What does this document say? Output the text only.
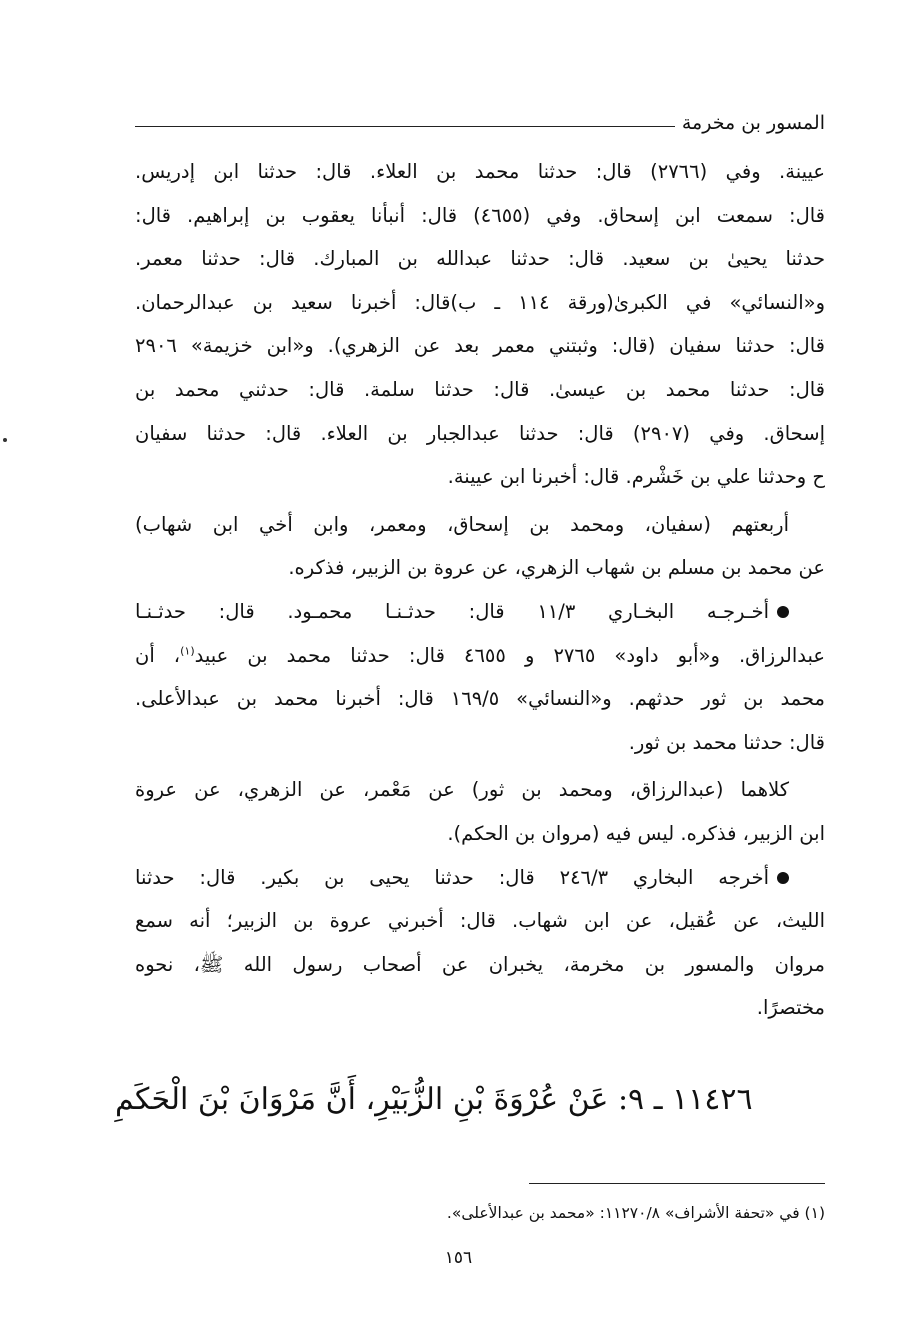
المسور بن مخرمة
عيينة. وفي (٢٧٦٦) قال: حدثنا محمد بن العلاء. قال: حدثنا ابن إدريس.
قال: سمعت ابن إسحاق. وفي (٤٦٥٥) قال: أنبأنا يعقوب بن إبراهيم. قال:
حدثنا يحيىٰ بن سعيد. قال: حدثنا عبدالله بن المبارك. قال: حدثنا معمر.
و«النسائي» في الكبرىٰ(ورقة ١١٤ ـ ب)قال: أخبرنا سعيد بن عبدالرحمان.
قال: حدثنا سفيان (قال: وثبتني معمر بعد عن الزهري). و«ابن خزيمة» ٢٩٠٦
قال: حدثنا محمد بن عيسىٰ. قال: حدثنا سلمة. قال: حدثني محمد بن
إسحاق. وفي (٢٩٠٧) قال: حدثنا عبدالجبار بن العلاء. قال: حدثنا سفيان
ح وحدثنا علي بن خَشْرم. قال: أخبرنا ابن عيينة.
أربعتهم (سفيان، ومحمد بن إسحاق، ومعمر، وابن أخي ابن شهاب)
عن محمد بن مسلم بن شهاب الزهري، عن عروة بن الزبير، فذكره.
أخـرجـه البخـاري ١١/٣ قال: حدثـنـا محمـود. قال: حدثـنـا
عبدالرزاق. و«أبو داود» ٢٧٦٥ و ٤٦٥٥ قال: حدثنا محمد بن عبيد$^{(١)}$، أن
محمد بن ثور حدثهم. و«النسائي» ١٦٩/٥ قال: أخبرنا محمد بن عبدالأعلى.
قال: حدثنا محمد بن ثور.
كلاهما (عبدالرزاق، ومحمد بن ثور) عن مَعْمر، عن الزهري، عن عروة
ابن الزبير، فذكره. ليس فيه (مروان بن الحكم).
أخرجه البخاري ٢٤٦/٣ قال: حدثنا يحيى بن بكير. قال: حدثنا
الليث، عن عُقيل، عن ابن شهاب. قال: أخبرني عروة بن الزبير؛ أنه سمع
مروان والمسور بن مخرمة، يخبران عن أصحاب رسول الله ﷺ، نحوه
مختصرًا.
١١٤٢٦ ـ ٩: عَنْ عُرْوَةَ بْنِ الزُّبَيْرِ، أَنَّ مَرْوَانَ بْنَ الْحَكَمِ
(١) في «تحفة الأشراف» ١١٢٧٠/٨: «محمد بن عبدالأعلى».
١٥٦
